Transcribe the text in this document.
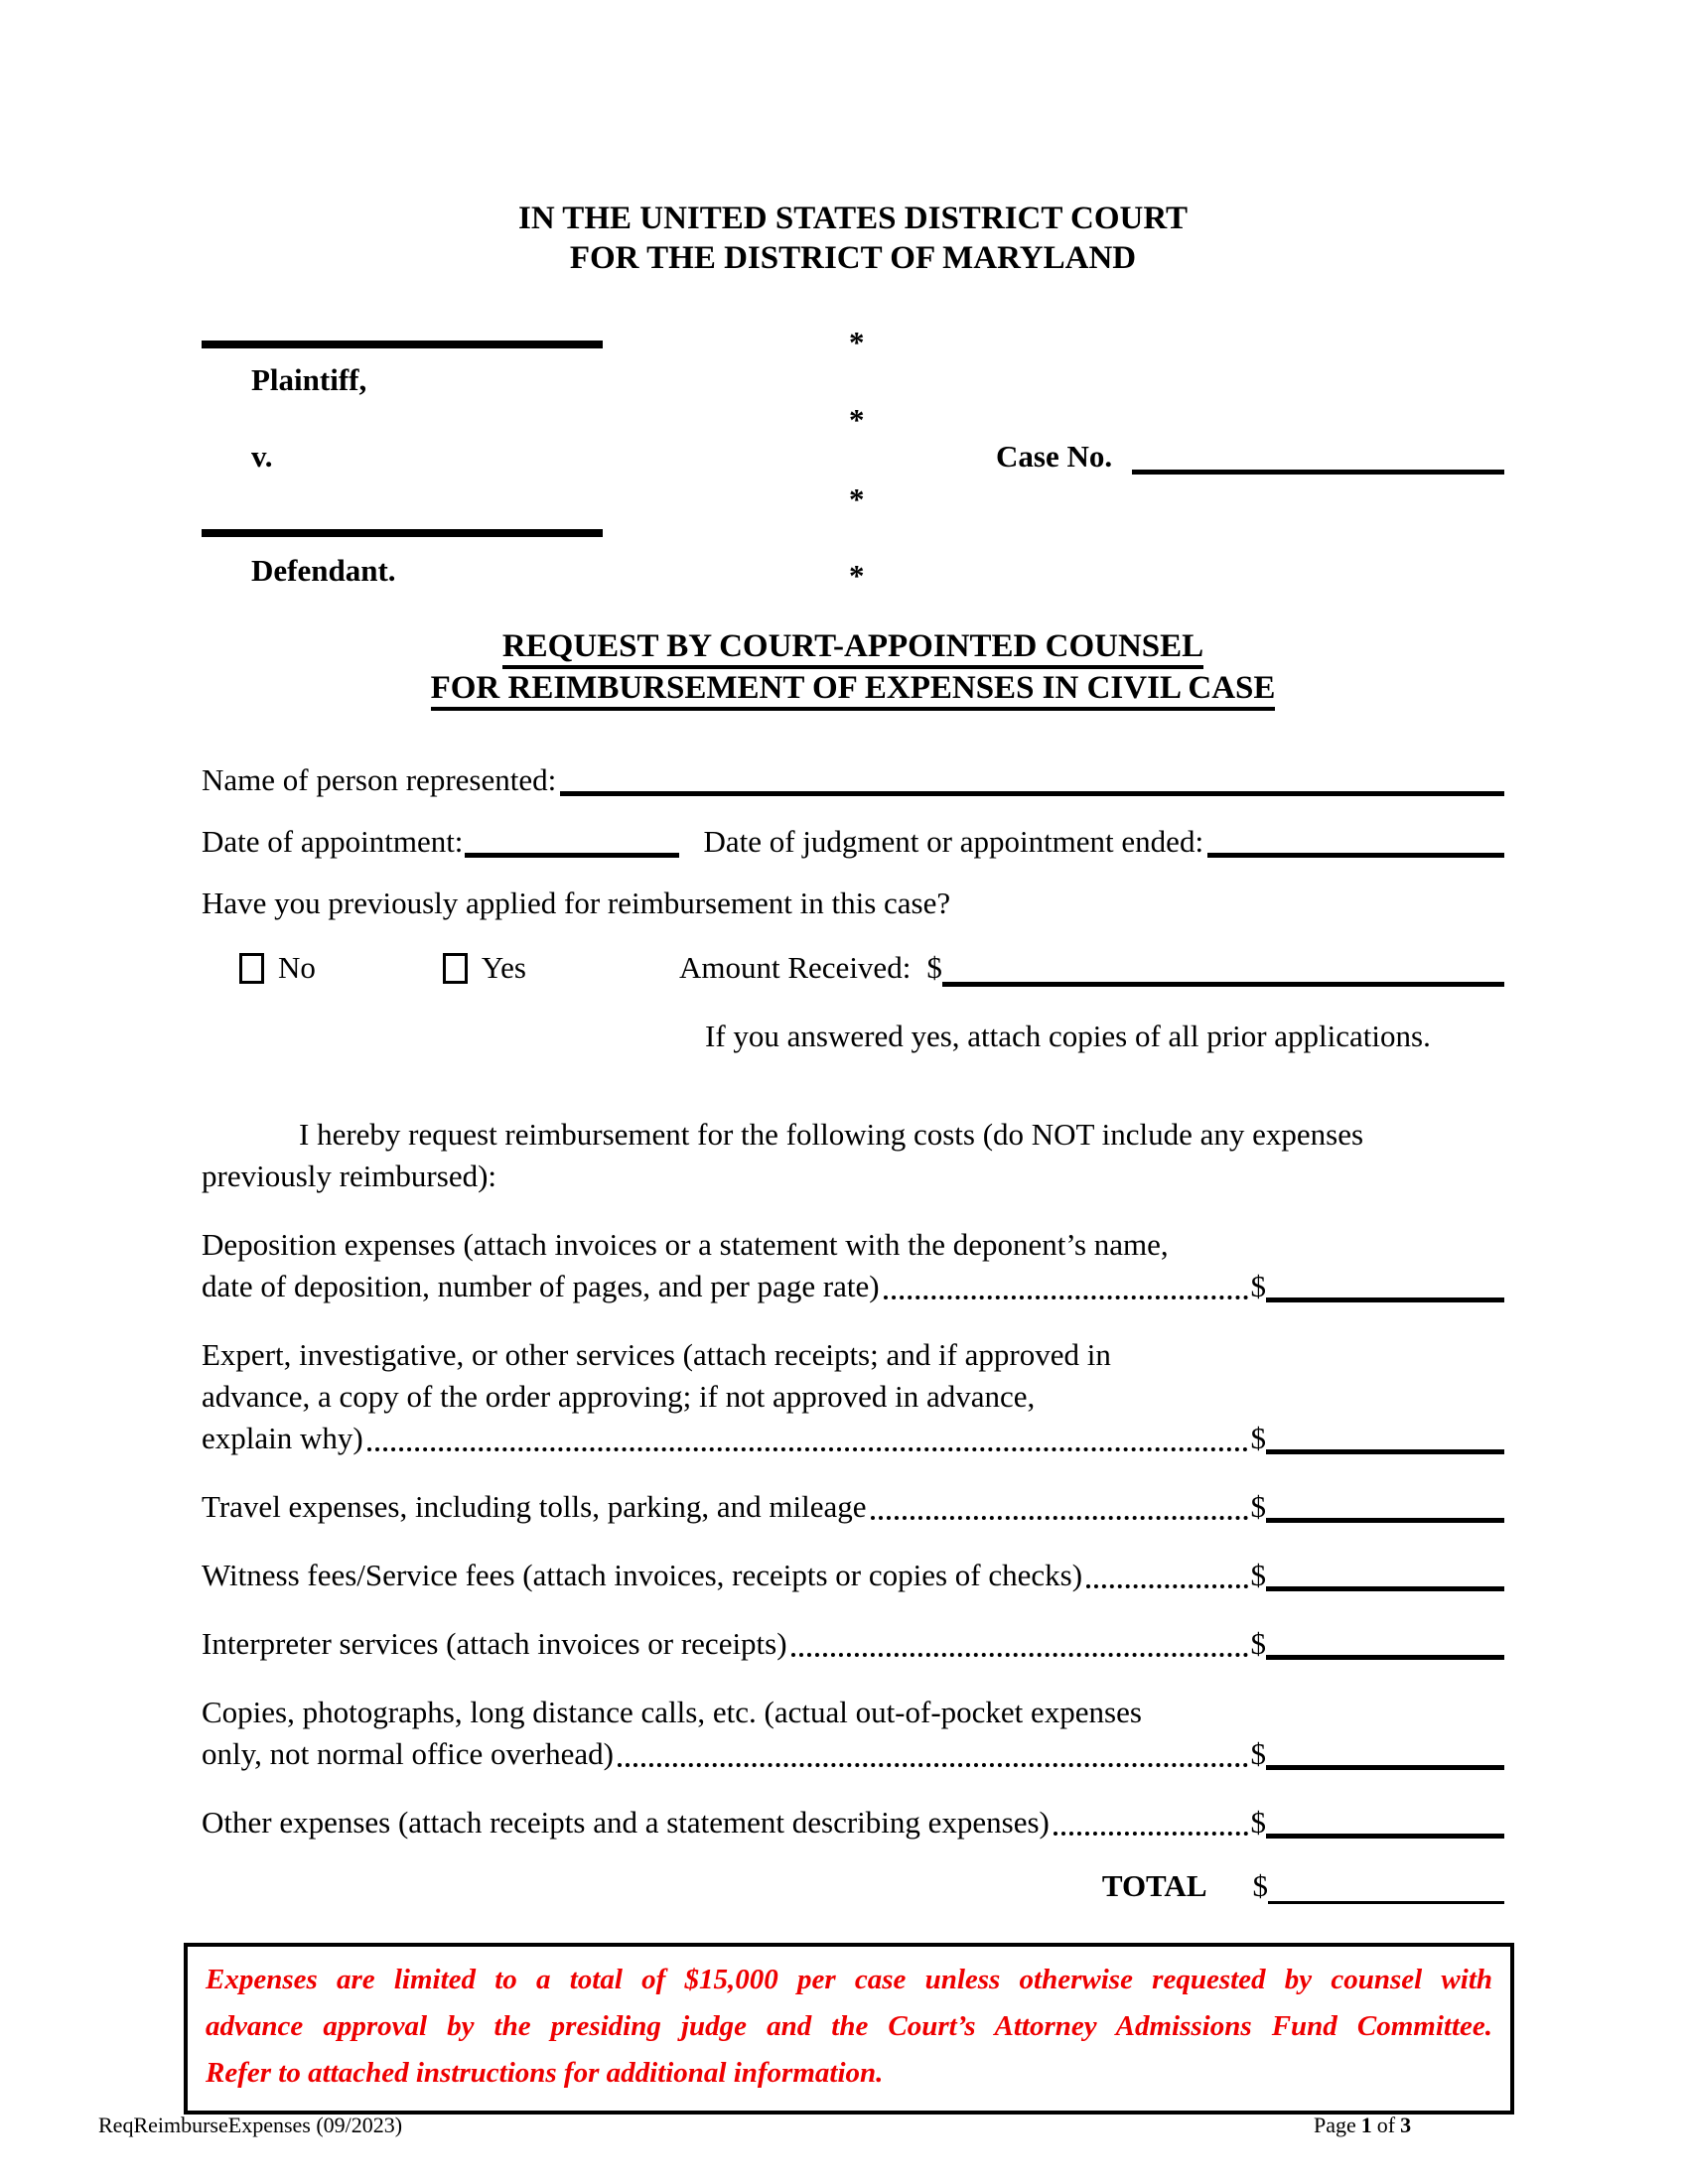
IN THE UNITED STATES DISTRICT COURT
FOR THE DISTRICT OF MARYLAND
*
Plaintiff,
*
v.	Case No.
*
Defendant.	*
REQUEST BY COURT-APPOINTED COUNSEL
FOR REIMBURSEMENT OF EXPENSES IN CIVIL CASE
Name of person represented:
Date of appointment:	Date of judgment or appointment ended:
Have you previously applied for reimbursement in this case?
No	Yes	Amount Received: $
If you answered yes, attach copies of all prior applications.
I hereby request reimbursement for the following costs (do NOT include any expenses
previously reimbursed):
Deposition expenses (attach invoices or a statement with the deponent’s name,
date of deposition, number of pages, and per page rate)	$
Expert, investigative, or other services (attach receipts; and if approved in
advance, a copy of the order approving; if not approved in advance,
explain why)	$
Travel expenses, including tolls, parking, and mileage	$
Witness fees/Service fees (attach invoices, receipts or copies of checks)	$
Interpreter services (attach invoices or receipts)	$
Copies, photographs, long distance calls, etc. (actual out-of-pocket expenses
only, not normal office overhead)	$
Other expenses (attach receipts and a statement describing expenses)	$
TOTAL $
Expenses are limited to a total of $15,000 per case unless otherwise requested by counsel with
advance approval by the presiding judge and the Court’s Attorney Admissions Fund Committee.
Refer to attached instructions for additional information.
ReqReimburseExpenses (09/2023)	Page 1 of 3
